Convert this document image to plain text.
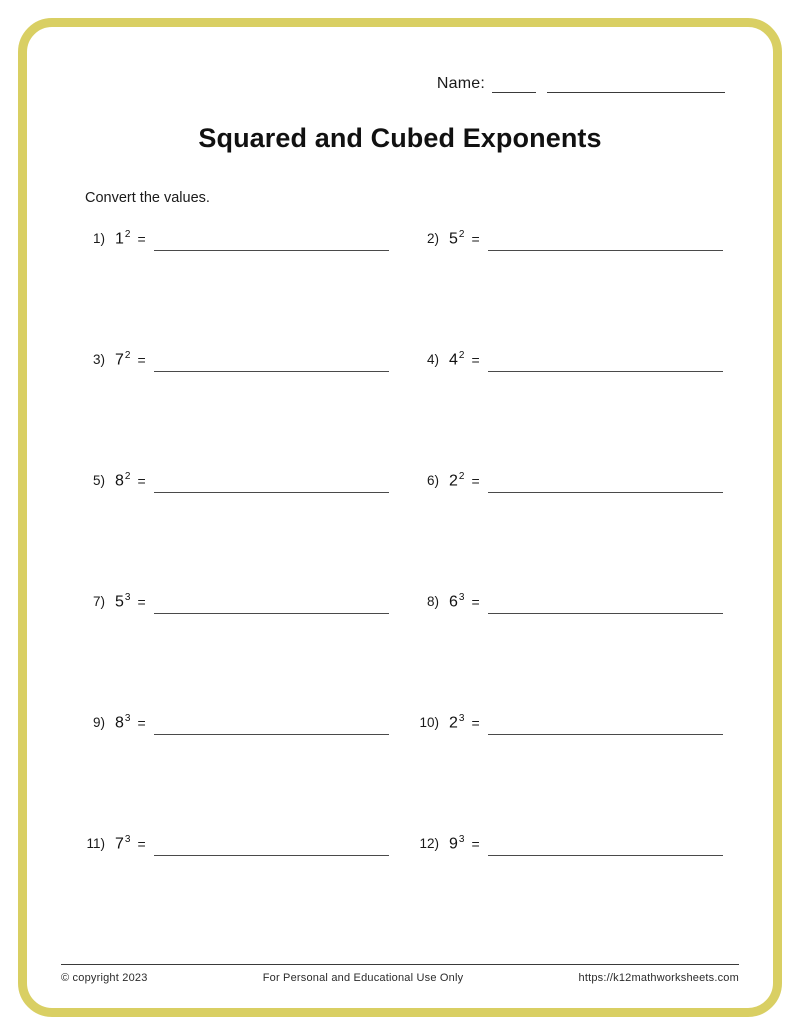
Name:
Squared and Cubed Exponents
Convert the values.
1) $1^2$ =	2) $5^2$ =
3) $7^2$ =	4) $4^2$ =
5) $8^2$ =	6) $2^2$ =
7) $5^3$ =	8) $6^3$ =
9) $8^3$ =	10) $2^3$ =
11) $7^3$ =	12) $9^3$ =
© copyright 2023	For Personal and Educational Use Only	https://k12mathworksheets.com
